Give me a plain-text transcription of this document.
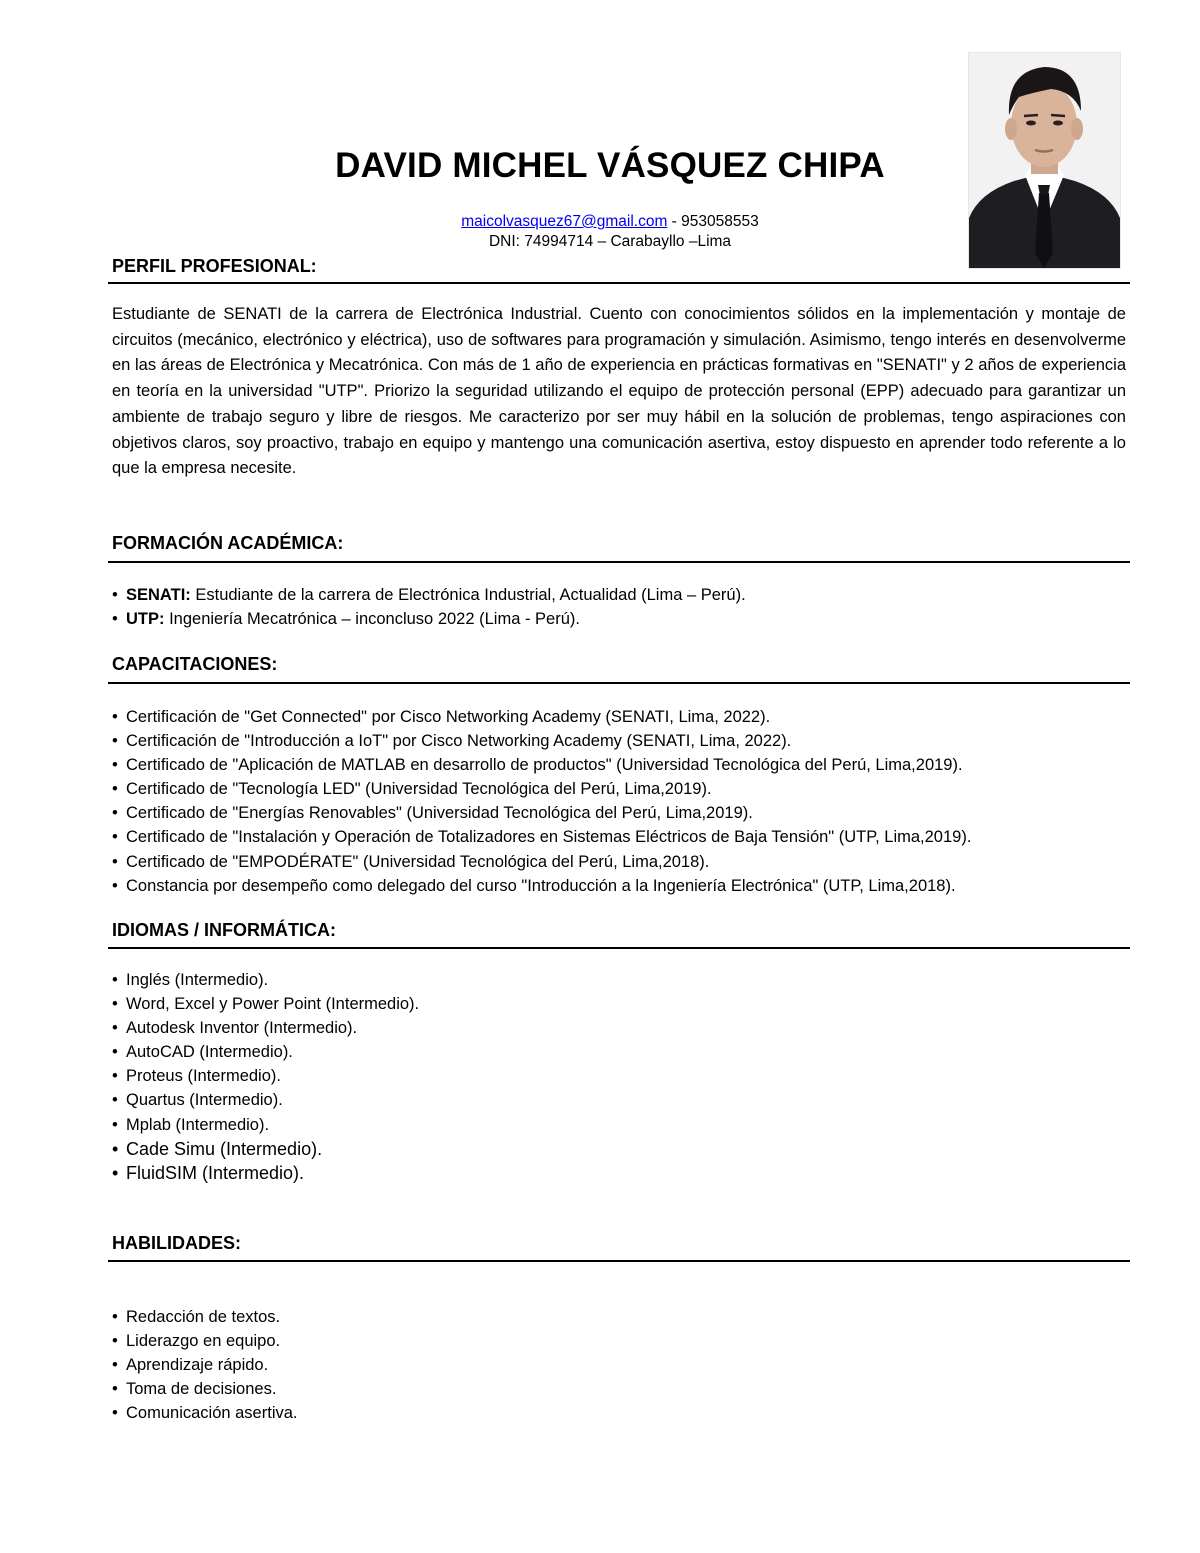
DAVID MICHEL VÁSQUEZ CHIPA
maicolvasquez67@gmail.com - 953058553
DNI: 74994714 – Carabayllo –Lima
PERFIL PROFESIONAL:
Estudiante de SENATI de la carrera de Electrónica Industrial. Cuento con conocimientos sólidos en la implementación y montaje de circuitos (mecánico, electrónico y eléctrica), uso de softwares para programación y simulación. Asimismo, tengo interés en desenvolverme en las áreas de Electrónica y Mecatrónica. Con más de 1 año de experiencia en prácticas formativas en "SENATI" y 2 años de experiencia en teoría en la universidad "UTP". Priorizo la seguridad utilizando el equipo de protección personal (EPP) adecuado para garantizar un ambiente de trabajo seguro y libre de riesgos. Me caracterizo por ser muy hábil en la solución de problemas, tengo aspiraciones con objetivos claros, soy proactivo, trabajo en equipo y mantengo una comunicación asertiva, estoy dispuesto en aprender todo referente a lo que la empresa necesite.
FORMACIÓN ACADÉMICA:
• SENATI: Estudiante de la carrera de Electrónica Industrial, Actualidad (Lima – Perú).
• UTP: Ingeniería Mecatrónica – inconcluso 2022 (Lima - Perú).
CAPACITACIONES:
• Certificación de "Get Connected" por Cisco Networking Academy (SENATI, Lima, 2022).
• Certificación de "Introducción a IoT" por Cisco Networking Academy (SENATI, Lima, 2022).
• Certificado de "Aplicación de MATLAB en desarrollo de productos" (Universidad Tecnológica del Perú, Lima,2019).
• Certificado de "Tecnología LED" (Universidad Tecnológica del Perú, Lima,2019).
• Certificado de "Energías Renovables" (Universidad Tecnológica del Perú, Lima,2019).
• Certificado de "Instalación y Operación de Totalizadores en Sistemas Eléctricos de Baja Tensión" (UTP, Lima,2019).
• Certificado de "EMPODÉRATE" (Universidad Tecnológica del Perú, Lima,2018).
• Constancia por desempeño como delegado del curso "Introducción a la Ingeniería Electrónica" (UTP, Lima,2018).
IDIOMAS / INFORMÁTICA:
• Inglés (Intermedio).
• Word, Excel y Power Point (Intermedio).
• Autodesk Inventor (Intermedio).
• AutoCAD (Intermedio).
• Proteus (Intermedio).
• Quartus (Intermedio).
• Mplab (Intermedio).
• Cade Simu (Intermedio).
• FluidSIM (Intermedio).
HABILIDADES:
• Redacción de textos.
• Liderazgo en equipo.
• Aprendizaje rápido.
• Toma de decisiones.
• Comunicación asertiva.
